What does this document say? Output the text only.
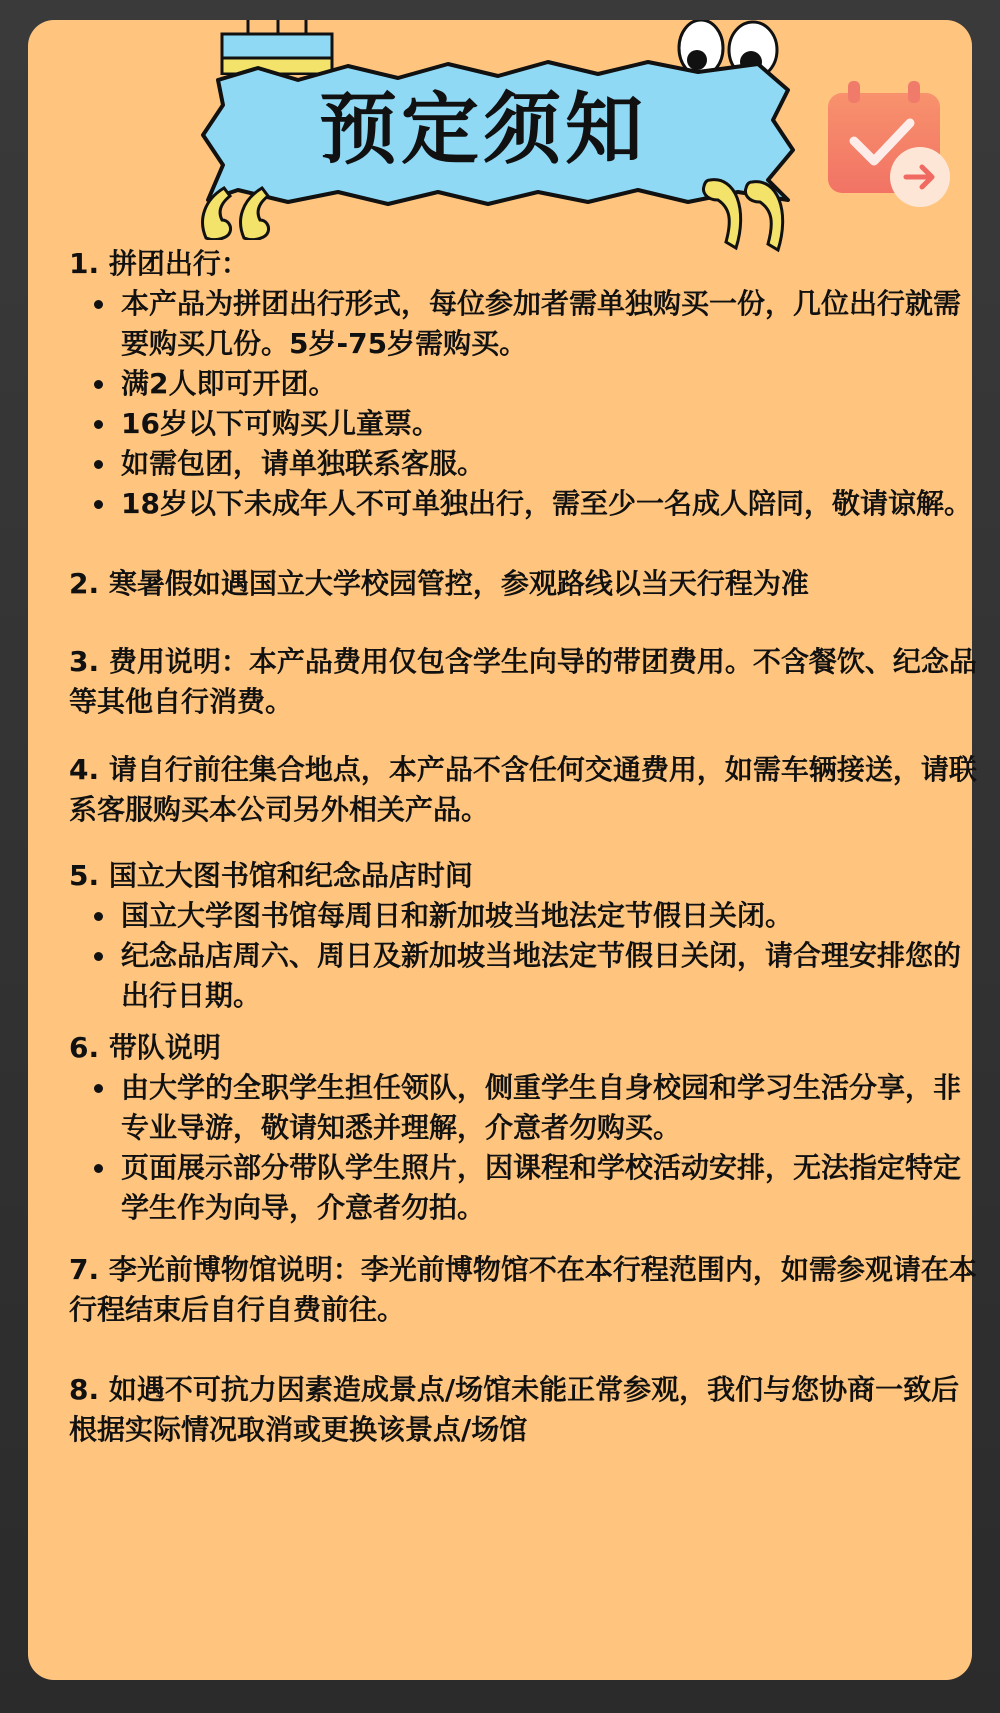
预定须知
1. 拼团出行：
本产品为拼团出行形式，每位参加者需单独购买一份，几位出行就需要购买几份。5岁-75岁需购买。
满2人即可开团。
16岁以下可购买儿童票。
如需包团，请单独联系客服。
18岁以下未成年人不可单独出行，需至少一名成人陪同，敬请谅解。
2. 寒暑假如遇国立大学校园管控，参观路线以当天行程为准
3. 费用说明：本产品费用仅包含学生向导的带团费用。不含餐饮、纪念品等其他自行消费。
4. 请自行前往集合地点，本产品不含任何交通费用，如需车辆接送，请联系客服购买本公司另外相关产品。
5. 国立大图书馆和纪念品店时间
国立大学图书馆每周日和新加坡当地法定节假日关闭。
纪念品店周六、周日及新加坡当地法定节假日关闭，请合理安排您的出行日期。
6. 带队说明
由大学的全职学生担任领队，侧重学生自身校园和学习生活分享，非专业导游，敬请知悉并理解，介意者勿购买。
页面展示部分带队学生照片，因课程和学校活动安排，无法指定特定学生作为向导，介意者勿拍。
7. 李光前博物馆说明：李光前博物馆不在本行程范围内，如需参观请在本行程结束后自行自费前往。
8. 如遇不可抗力因素造成景点/场馆未能正常参观，我们与您协商一致后根据实际情况取消或更换该景点/场馆
